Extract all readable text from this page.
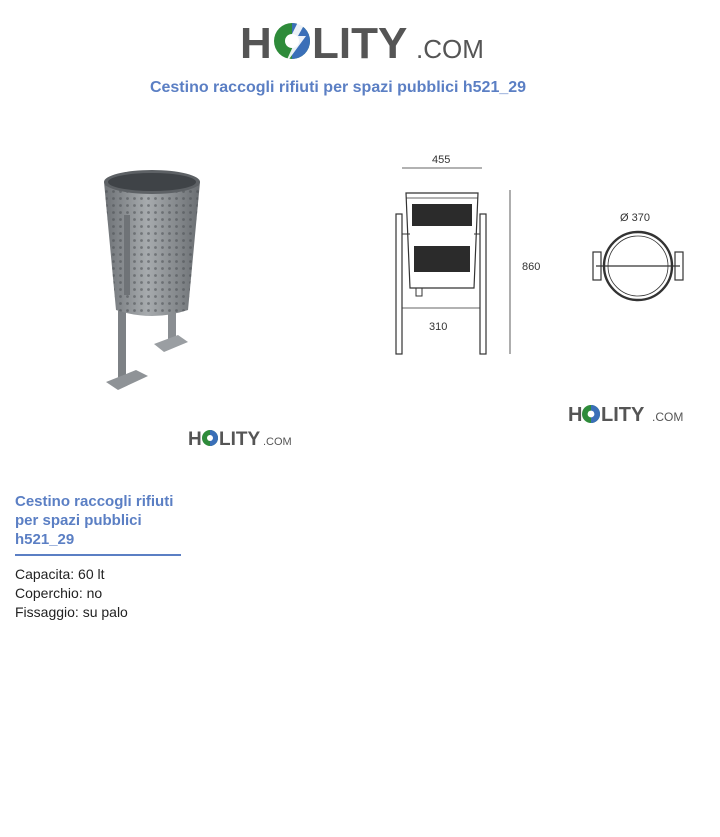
H LITY .COM
Cestino raccogli rifiuti per spazi pubblici h521_29
H LITY .COM
455
310
860
Ø 370
H LITY .COM
Cestino raccogli rifiuti
per spazi pubblici
h521_29
Capacita: 60 lt
Coperchio: no
Fissaggio: su palo
